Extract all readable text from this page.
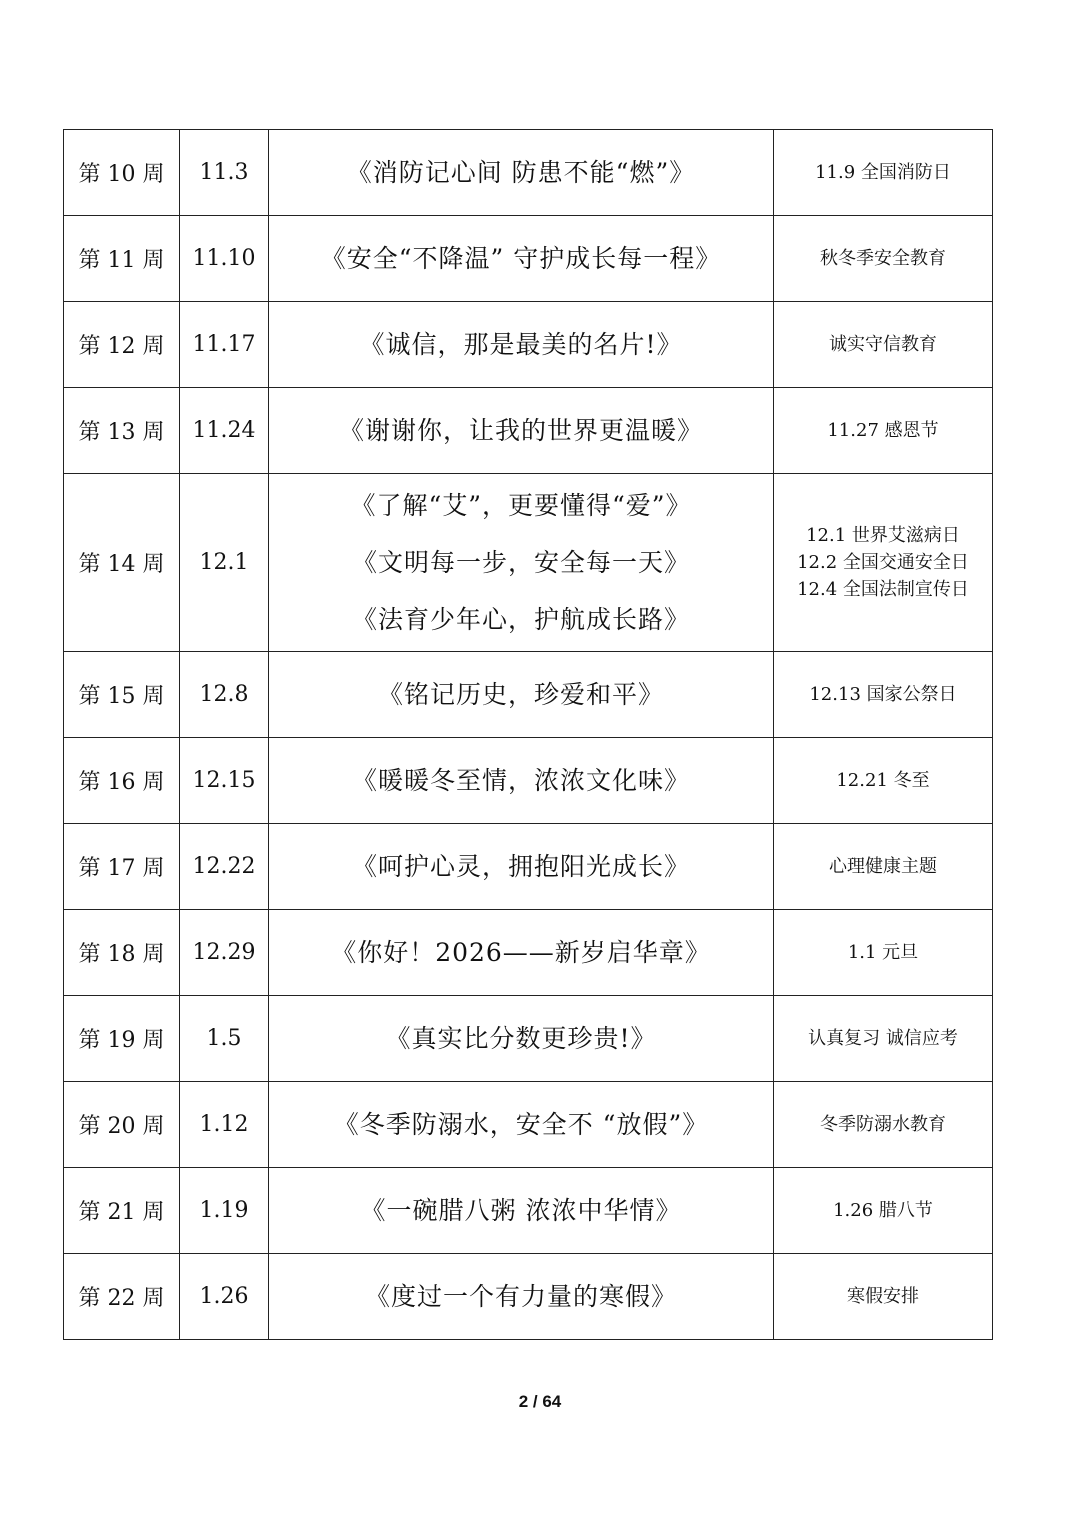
第 10 周	11.3	《消防记心间 防患不能“燃”》	11.9 全国消防日

第 11 周	11.10	《安全“不降温” 守护成长每一程》	秋冬季安全教育

第 12 周	11.17	《诚信，那是最美的名片!》	诚实守信教育

第 13 周	11.24	《谢谢你，让我的世界更温暖》	11.27 感恩节

第 14 周	12.1	《了解“艾”，更要懂得“爱”》
《文明每一步，安全每一天》
《法育少年心，护航成长路》	12.1 世界艾滋病日
12.2 全国交通安全日
12.4 全国法制宣传日

第 15 周	12.8	《铭记历史，珍爱和平》	12.13 国家公祭日

第 16 周	12.15	《暖暖冬至情，浓浓文化味》	12.21 冬至

第 17 周	12.22	《呵护心灵，拥抱阳光成长》	心理健康主题

第 18 周	12.29	《你好！2026——新岁启华章》	1.1 元旦

第 19 周	1.5	《真实比分数更珍贵!》	认真复习 诚信应考

第 20 周	1.12	《冬季防溺水，安全不 “放假”》	冬季防溺水教育

第 21 周	1.19	《一碗腊八粥 浓浓中华情》	1.26 腊八节

第 22 周	1.26	《度过一个有力量的寒假》	寒假安排
2 / 64
